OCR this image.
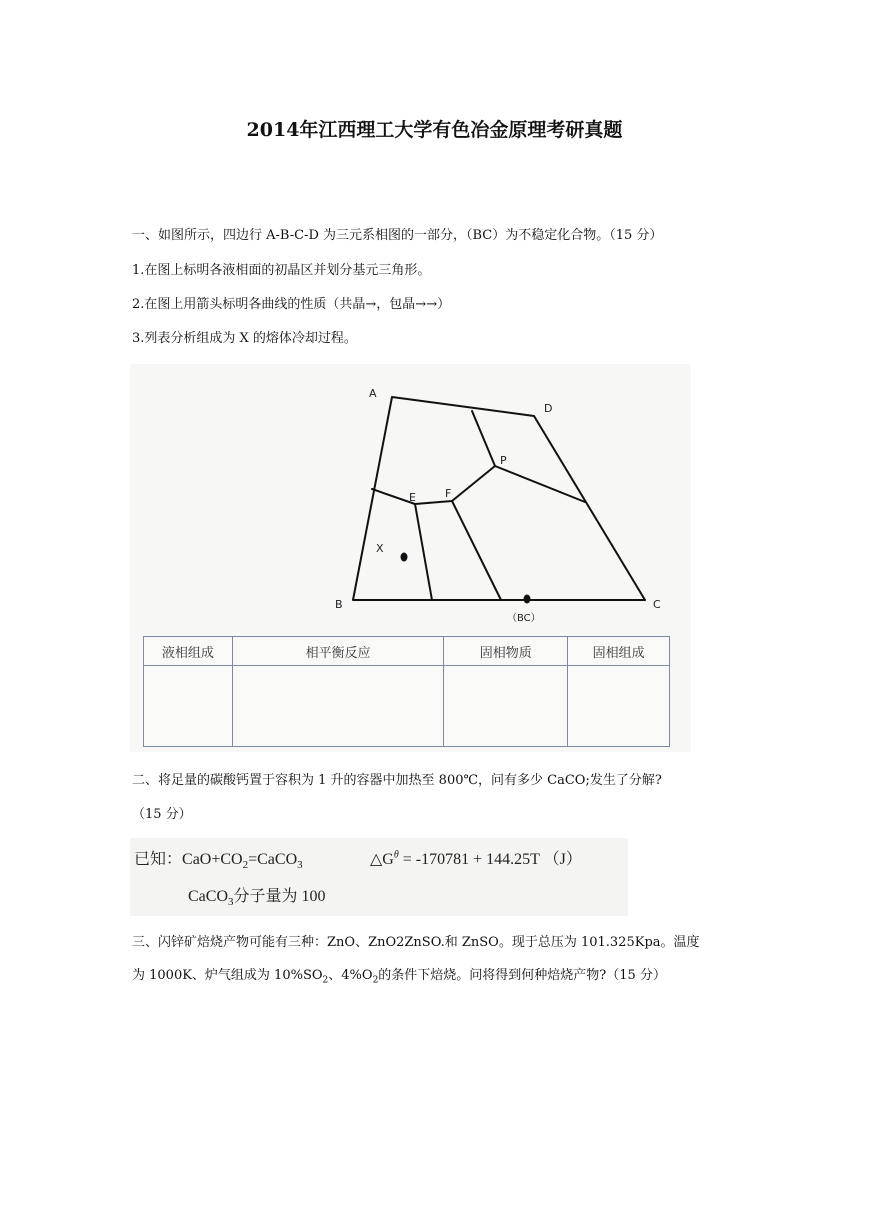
2014年江西理工大学有色冶金原理考研真题
一、如图所示，四边行 A-B-C-D 为三元系相图的一部分，（BC）为不稳定化合物。（15 分）
1.在图上标明各液相面的初晶区并划分基元三角形。
2.在图上用箭头标明各曲线的性质（共晶→，包晶→→）
3.列表分析组成为 X 的熔体冷却过程。
A
D
P
E	F
X
B	C
（BC）
液相组成	相平衡反应	固相物质	固相组成

二、将足量的碳酸钙置于容积为 1 升的容器中加热至 800℃，问有多少 CaCO;发生了分解?
（15 分）
已知：$CaO+CO_2=CaCO_3$	$\triangle G^\theta = -170781 + 144.25T$ （J）
CaCO$_3$分子量为 100
三、闪锌矿焙烧产物可能有三种：ZnO、ZnO2ZnSO.和 ZnSO。现于总压为 101.325Kpa。温度
为 1000K、炉气组成为 $10\%SO_2$、$4\%O_2$的条件下焙烧。问将得到何种焙烧产物?（15 分）
